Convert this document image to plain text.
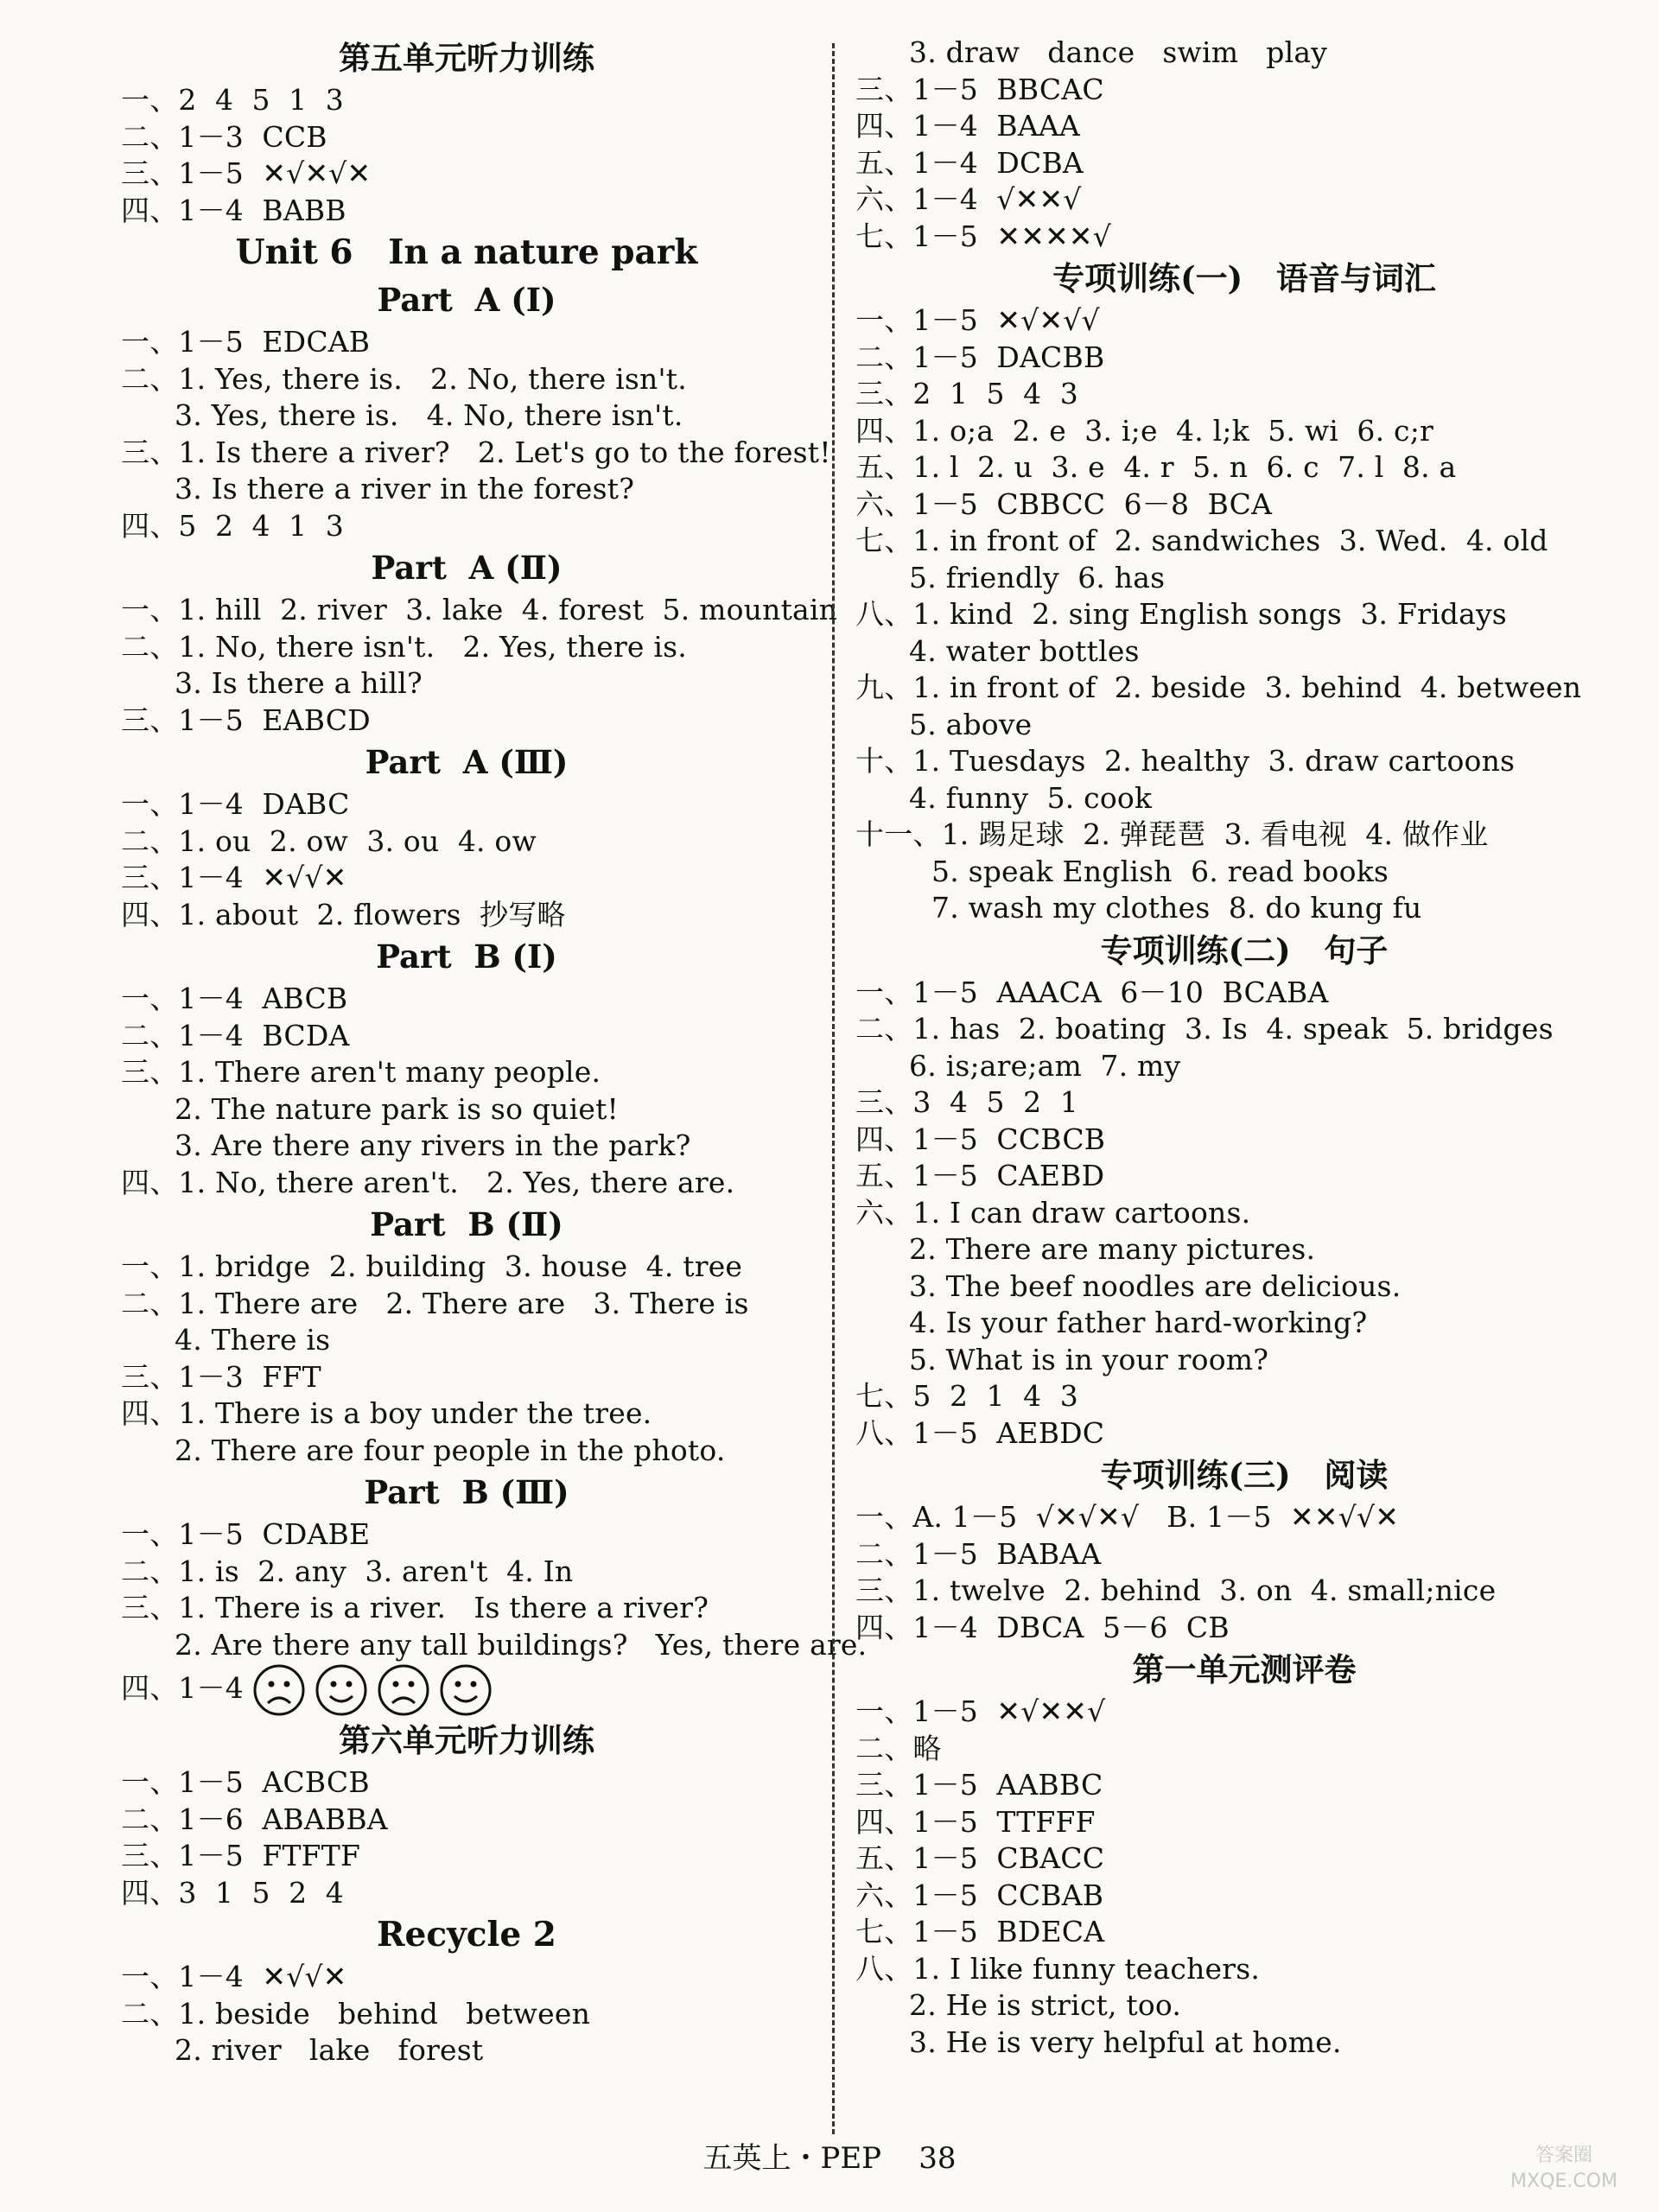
第五单元听力训练
一、2  4  5  1  3
二、1－3  CCB
三、1－5  ✕√✕√✕
四、1－4  BABB
Unit 6   In a nature park
Part  A (Ⅰ)
一、1－5  EDCAB
二、1. Yes, there is.   2. No, there isn't.
3. Yes, there is.   4. No, there isn't.
三、1. Is there a river?   2. Let's go to the forest!
3. Is there a river in the forest?
四、5  2  4  1  3
Part  A (Ⅱ)
一、1. hill  2. river  3. lake  4. forest  5. mountain
二、1. No, there isn't.   2. Yes, there is.
3. Is there a hill?
三、1－5  EABCD
Part  A (Ⅲ)
一、1－4  DABC
二、1. ou  2. ow  3. ou  4. ow
三、1－4  ✕√√✕
四、1. about  2. flowers  抄写略
Part  B (Ⅰ)
一、1－4  ABCB
二、1－4  BCDA
三、1. There aren't many people.
2. The nature park is so quiet!
3. Are there any rivers in the park?
四、1. No, there aren't.   2. Yes, there are.
Part  B (Ⅱ)
一、1. bridge  2. building  3. house  4. tree
二、1. There are   2. There are   3. There is
4. There is
三、1－3  FFT
四、1. There is a boy under the tree.
2. There are four people in the photo.
Part  B (Ⅲ)
一、1－5  CDABE
二、1. is  2. any  3. aren't  4. In
三、1. There is a river.   Is there a river?
2. Are there any tall buildings?   Yes, there are.
四、1－4
第六单元听力训练
一、1－5  ACBCB
二、1－6  ABABBA
三、1－5  FTFTF
四、3  1  5  2  4
Recycle 2
一、1－4  ✕√√✕
二、1. beside   behind   between
2. river   lake   forest
3. draw   dance   swim   play
三、1－5  BBCAC
四、1－4  BAAA
五、1－4  DCBA
六、1－4  √✕✕√
七、1－5  ✕✕✕✕√
专项训练(一)   语音与词汇
一、1－5  ✕√✕√√
二、1－5  DACBB
三、2  1  5  4  3
四、1. o;a  2. e  3. i;e  4. l;k  5. wi  6. c;r
五、1. l  2. u  3. e  4. r  5. n  6. c  7. l  8. a
六、1－5  CBBCC  6－8  BCA
七、1. in front of  2. sandwiches  3. Wed.  4. old
5. friendly  6. has
八、1. kind  2. sing English songs  3. Fridays
4. water bottles
九、1. in front of  2. beside  3. behind  4. between
5. above
十、1. Tuesdays  2. healthy  3. draw cartoons
4. funny  5. cook
十一、1. 踢足球  2. 弹琵琶  3. 看电视  4. 做作业
5. speak English  6. read books
7. wash my clothes  8. do kung fu
专项训练(二)   句子
一、1－5  AAACA  6－10  BCABA
二、1. has  2. boating  3. Is  4. speak  5. bridges
6. is;are;am  7. my
三、3  4  5  2  1
四、1－5  CCBCB
五、1－5  CAEBD
六、1. I can draw cartoons.
2. There are many pictures.
3. The beef noodles are delicious.
4. Is your father hard-working?
5. What is in your room?
七、5  2  1  4  3
八、1－5  AEBDC
专项训练(三)   阅读
一、A. 1－5  √✕√✕√   B. 1－5  ✕✕√√✕
二、1－5  BABAA
三、1. twelve  2. behind  3. on  4. small;nice
四、1－4  DBCA  5－6  CB
第一单元测评卷
一、1－5  ✕√✕✕√
二、略
三、1－5  AABBC
四、1－5  TTFFF
五、1－5  CBACC
六、1－5  CCBAB
七、1－5  BDECA
八、1. I like funny teachers.
2. He is strict, too.
3. He is very helpful at home.
五英上・PEP    38	答案圈
MXQE.COM
